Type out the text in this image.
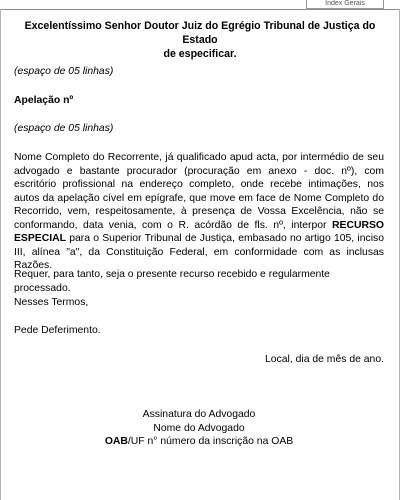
Index Gerais
Excelentíssimo Senhor Doutor Juiz do Egrégio Tribunal de Justiça do Estado
de especificar.
(espaço de 05 linhas)
Apelação nº
(espaço de 05 linhas)
Nome Completo do Recorrente, já qualificado apud acta, por intermédio de seu advogado e bastante procurador (procuração em anexo - doc. nº), com escritório profissional na endereço completo, onde recebe intimações, nos autos da apelação cível em epígrafe, que move em face de Nome Completo do Recorrido, vem, respeitosamente, à presença de Vossa Excelência, não se conformando, data venia, com o R. acórdão de fls. nº, interpor RECURSO ESPECIAL para o Superior Tribunal de Justiça, embasado no artigo 105, inciso III, alínea "a", da Constituição Federal, em conformidade com as inclusas Razões.
Requer, para tanto, seja o presente recurso recebido e regularmente processado.
Nesses Termos,
Pede Deferimento.
Local, dia de mês de ano.
Assinatura do Advogado
Nome do Advogado
OAB/UF n° número da inscrição na OAB
